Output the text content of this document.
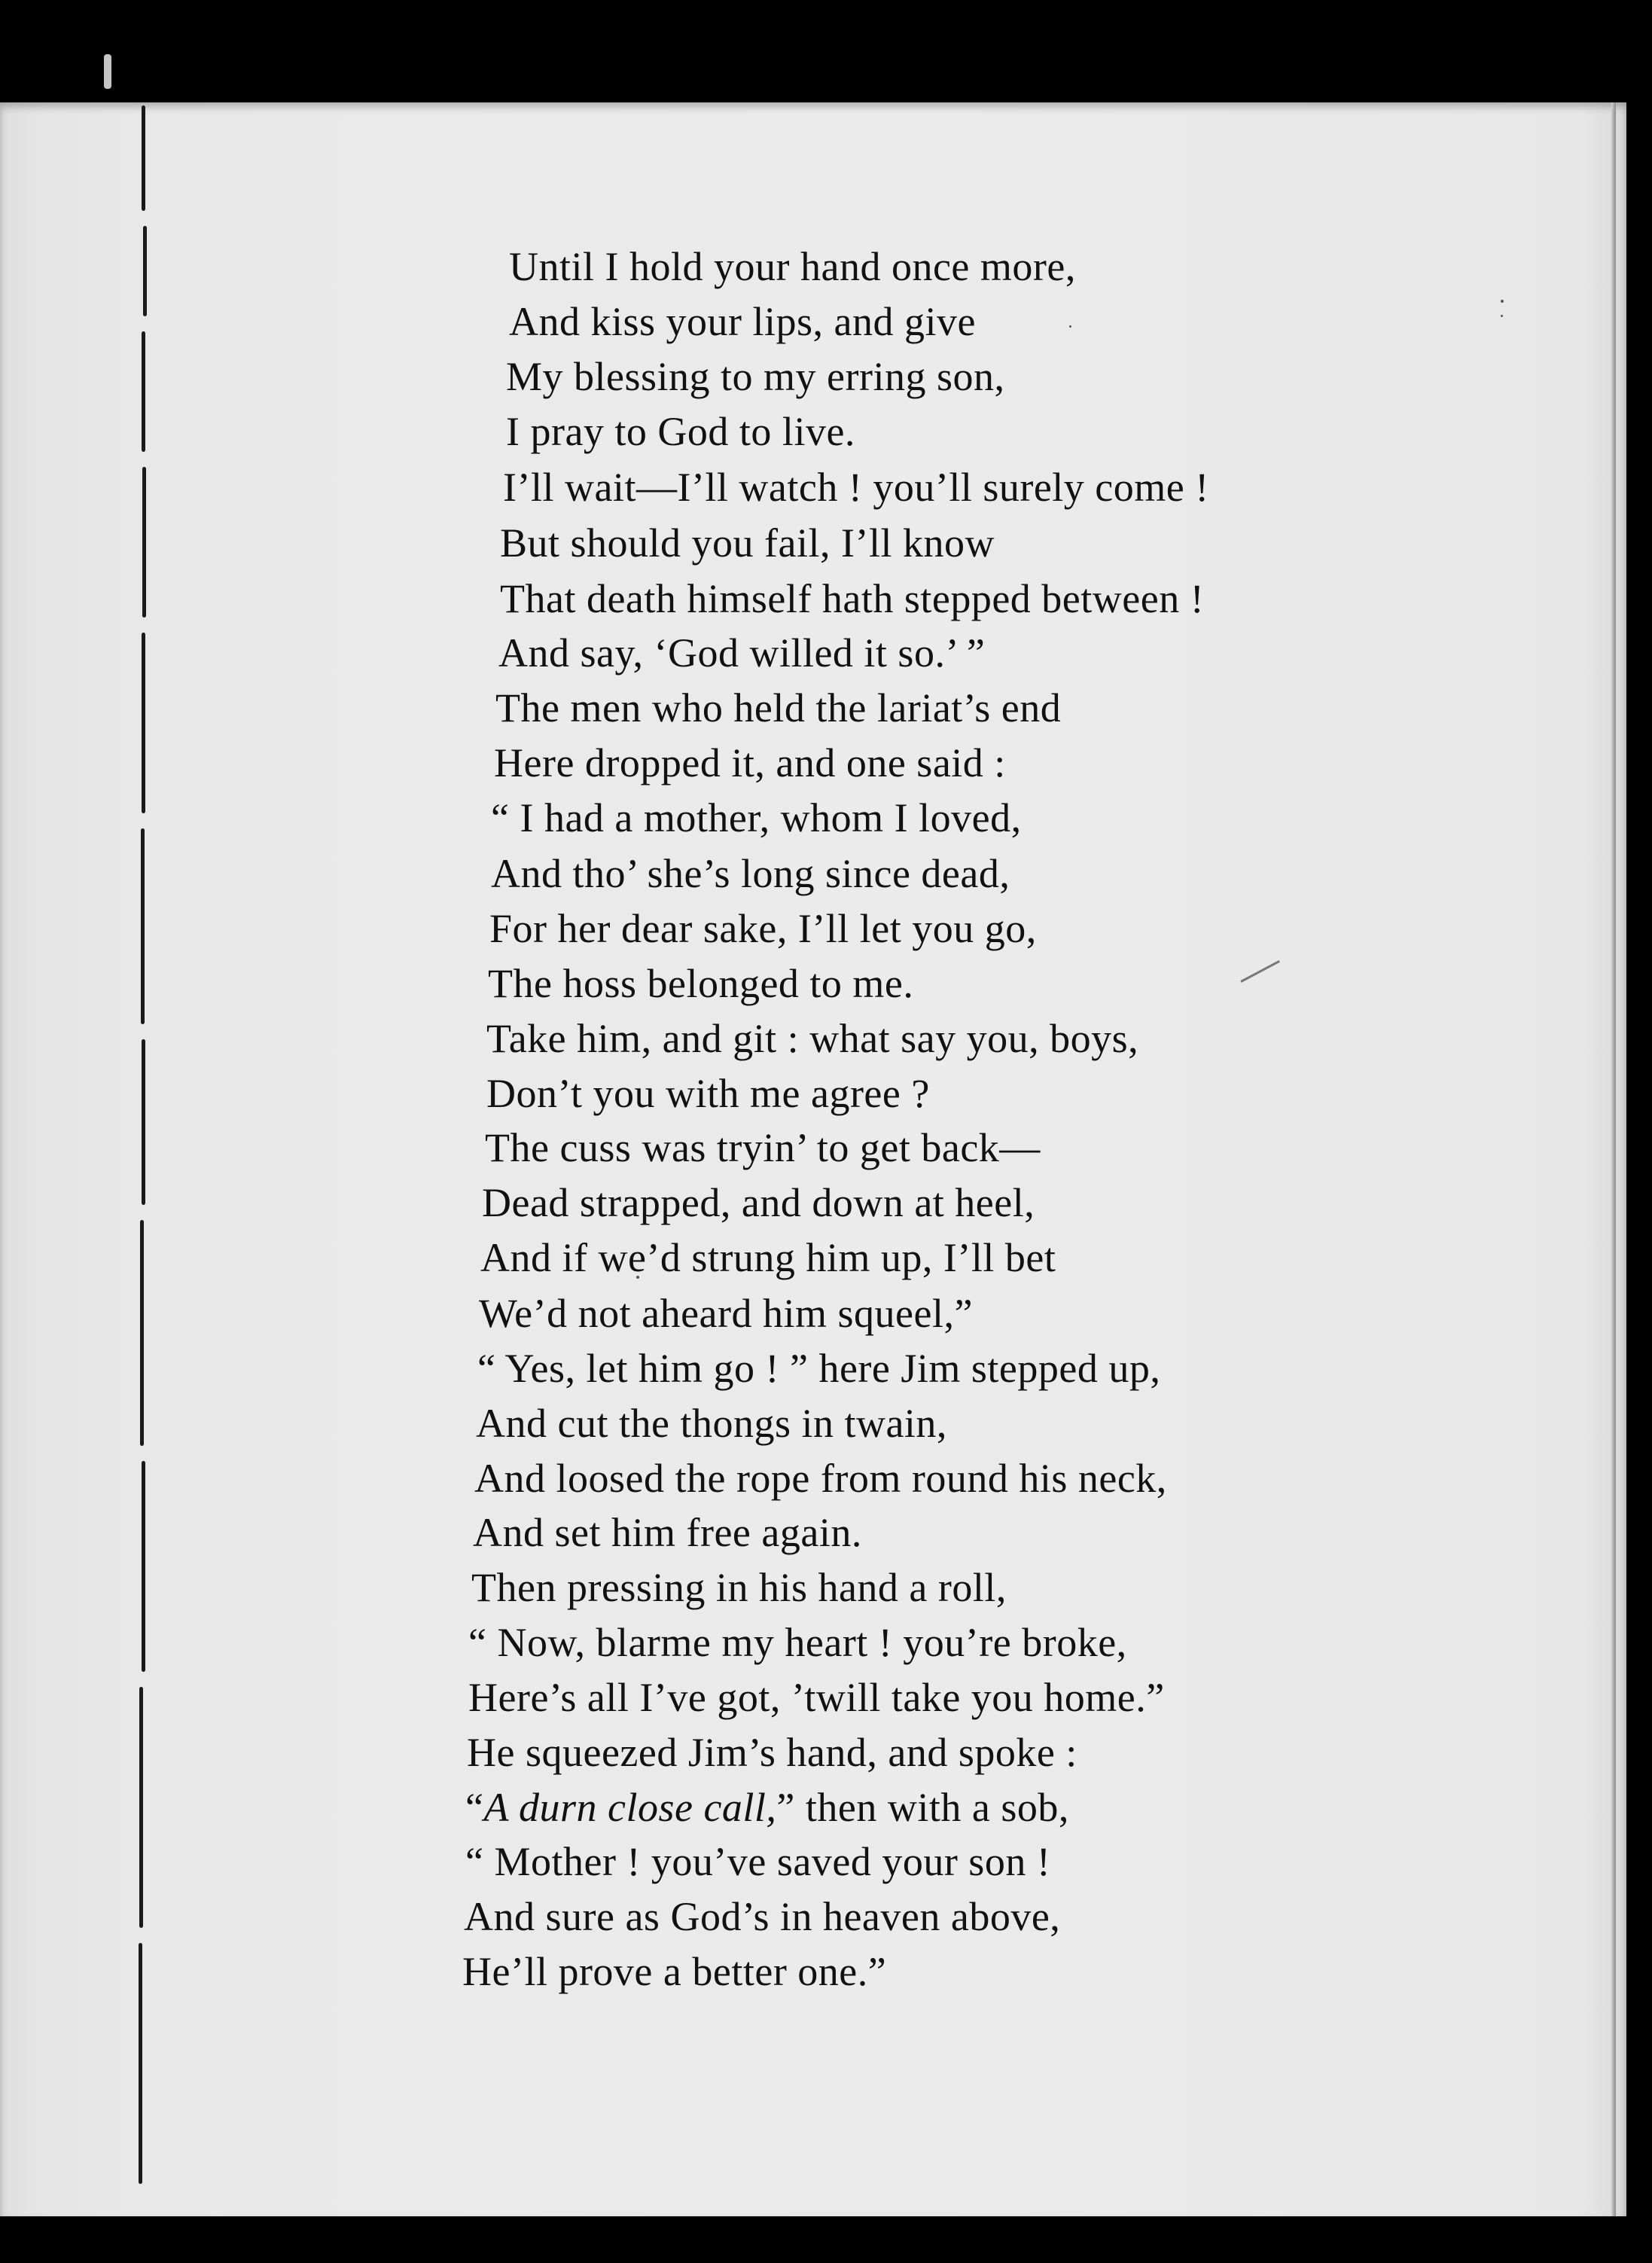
Until I hold your hand once more,
And kiss your lips, and give
My blessing to my erring son,
I pray to God to live.
I’ll wait—I’ll watch ! you’ll surely come !
But should you fail, I’ll know
That death himself hath stepped between !
And say, ‘God willed it so.’ ”
The men who held the lariat’s end
Here dropped it, and one said :
“ I had a mother, whom I loved,
And tho’ she’s long since dead,
For her dear sake, I’ll let you go,
The hoss belonged to me.
Take him, and git : what say you, boys,
Don’t you with me agree ?
The cuss was tryin’ to get back—
Dead strapped, and down at heel,
And if we’d strung him up, I’ll bet
We’d not aheard him squeel,”
“ Yes, let him go ! ” here Jim stepped up,
And cut the thongs in twain,
And loosed the rope from round his neck,
And set him free again.
Then pressing in his hand a roll,
“ Now, blarme my heart ! you’re broke,
Here’s all I’ve got, ’twill take you home.”
He squeezed Jim’s hand, and spoke :
“A durn close call,” then with a sob,
“ Mother ! you’ve saved your son !
And sure as God’s in heaven above,
He’ll prove a better one.”
